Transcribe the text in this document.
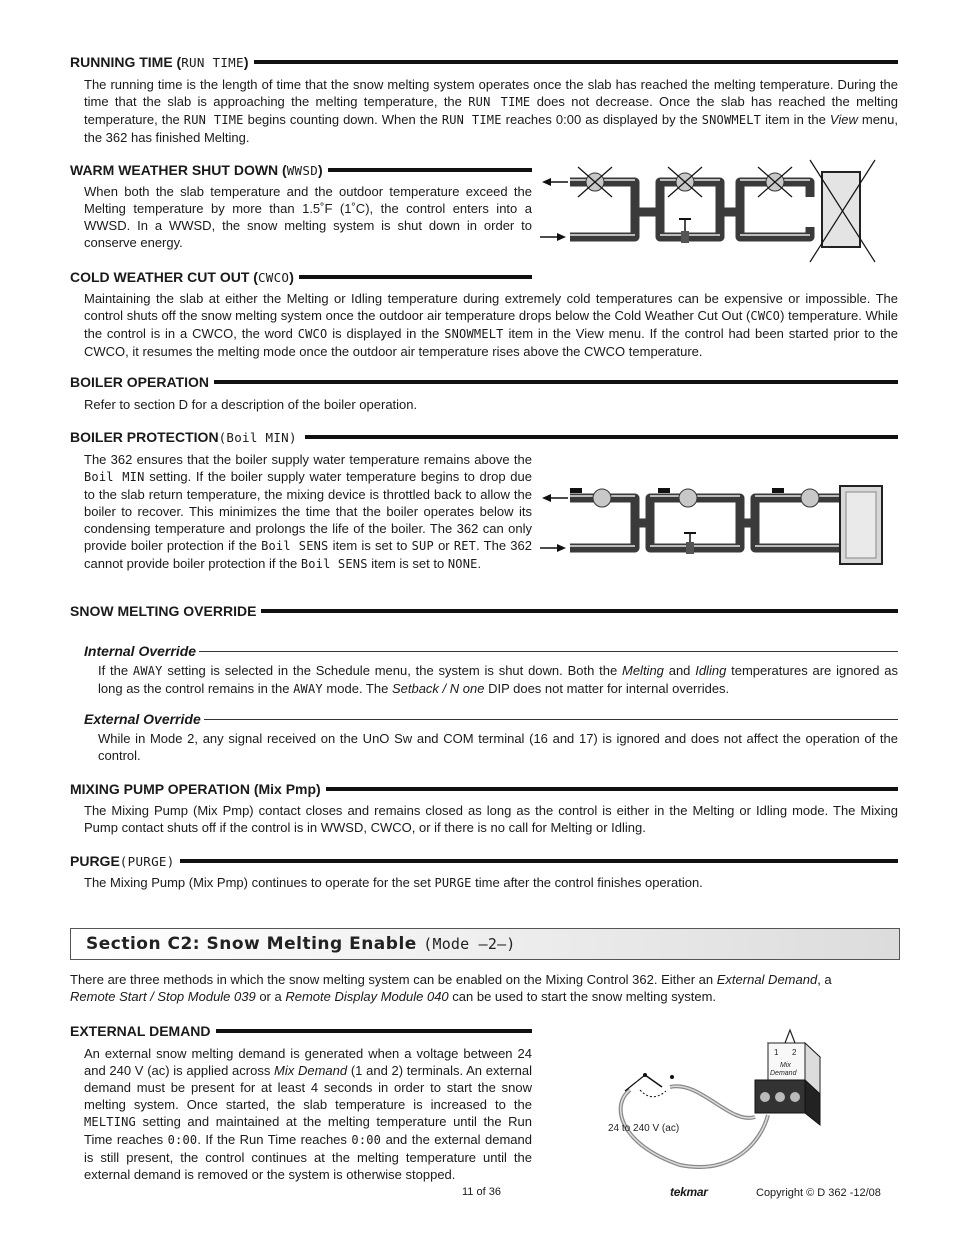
RUNNING TIME ( RUN TIME )
The running time is the length of time that the snow melting system operates once the slab has reached the melting temperature. During the time that the slab is approaching the melting temperature, the RUN TIME does not decrease. Once the slab has reached the melting temperature, the RUN TIME begins counting down. When the RUN TIME reaches 0:00 as displayed by the SNOWMELT item in the View menu, the 362 has finished Melting.
WARM WEATHER SHUT DOWN ( WWSD )
When both the slab temperature and the outdoor temperature exceed the Melting temperature by more than 1.5˚F (1˚C), the control enters into a WWSD. In a WWSD, the snow melting system is shut down in order to conserve energy.
COLD WEATHER CUT OUT ( CWCO )
Maintaining the slab at either the Melting or Idling temperature during extremely cold temperatures can be expensive or impossible. The control shuts off the snow melting system once the outdoor air temperature drops below the Cold Weather Cut Out (CWCO) temperature. While the control is in a CWCO, the word CWCO is displayed in the SNOWMELT item in the View menu. If the control had been started prior to the CWCO, it resumes the melting mode once the outdoor air temperature rises above the CWCO temperature.
BOILER OPERATION
Refer to section D for a description of the boiler operation.
BOILER PROTECTION (Boil MIN)
The 362 ensures that the boiler supply water temperature remains above the Boil MIN setting. If the boiler supply water temperature begins to drop due to the slab return temperature, the mixing device is throttled back to allow the boiler to recover. This minimizes the time that the boiler operates below its condensing temperature and prolongs the life of the boiler. The 362 can only provide boiler protection if the Boil SENS item is set to SUP or RET. The 362 cannot provide boiler protection if the Boil SENS item is set to NONE.
SNOW MELTING OVERRIDE
Internal Override
If the AWAY setting is selected in the Schedule menu, the system is shut down. Both the Melting and Idling temperatures are ignored as long as the control remains in the AWAY mode. The Setback / N one DIP does not matter for internal overrides.
External Override
While in Mode 2, any signal received on the UnO Sw and COM terminal (16 and 17) is ignored and does not affect the operation of the control.
MIXING PUMP OPERATION (Mix Pmp)
The Mixing Pump (Mix Pmp) contact closes and remains closed as long as the control is either in the Melting or Idling mode. The Mixing Pump contact shuts off if the control is in WWSD, CWCO, or if there is no call for Melting or Idling.
PURGE (PURGE)
The Mixing Pump (Mix Pmp) continues to operate for the set PURGE time after the control finishes operation.
Section C2: Snow Melting Enable (Mode —2—)
There are three methods in which the snow melting system can be enabled on the Mixing Control 362. Either an External Demand, a
Remote Start / Stop Module 039 or a Remote Display Module 040 can be used to start the snow melting system.
EXTERNAL DEMAND
An external snow melting demand is generated when a voltage between 24 and 240 V (ac) is applied across Mix Demand (1 and 2) terminals. An external demand must be present for at least 4 seconds in order to start the snow melting system. Once started, the slab temperature is increased to the MELTING setting and maintained at the melting temperature until the Run Time reaches 0:00. If the Run Time reaches 0:00 and the external demand is still present, the control continues at the melting temperature until the external demand is removed or the system is otherwise stopped.
24 to 240 V (ac)
1 2
Mix
Demand
11 of 36	tekmar	Copyright © D 362 -12/08
